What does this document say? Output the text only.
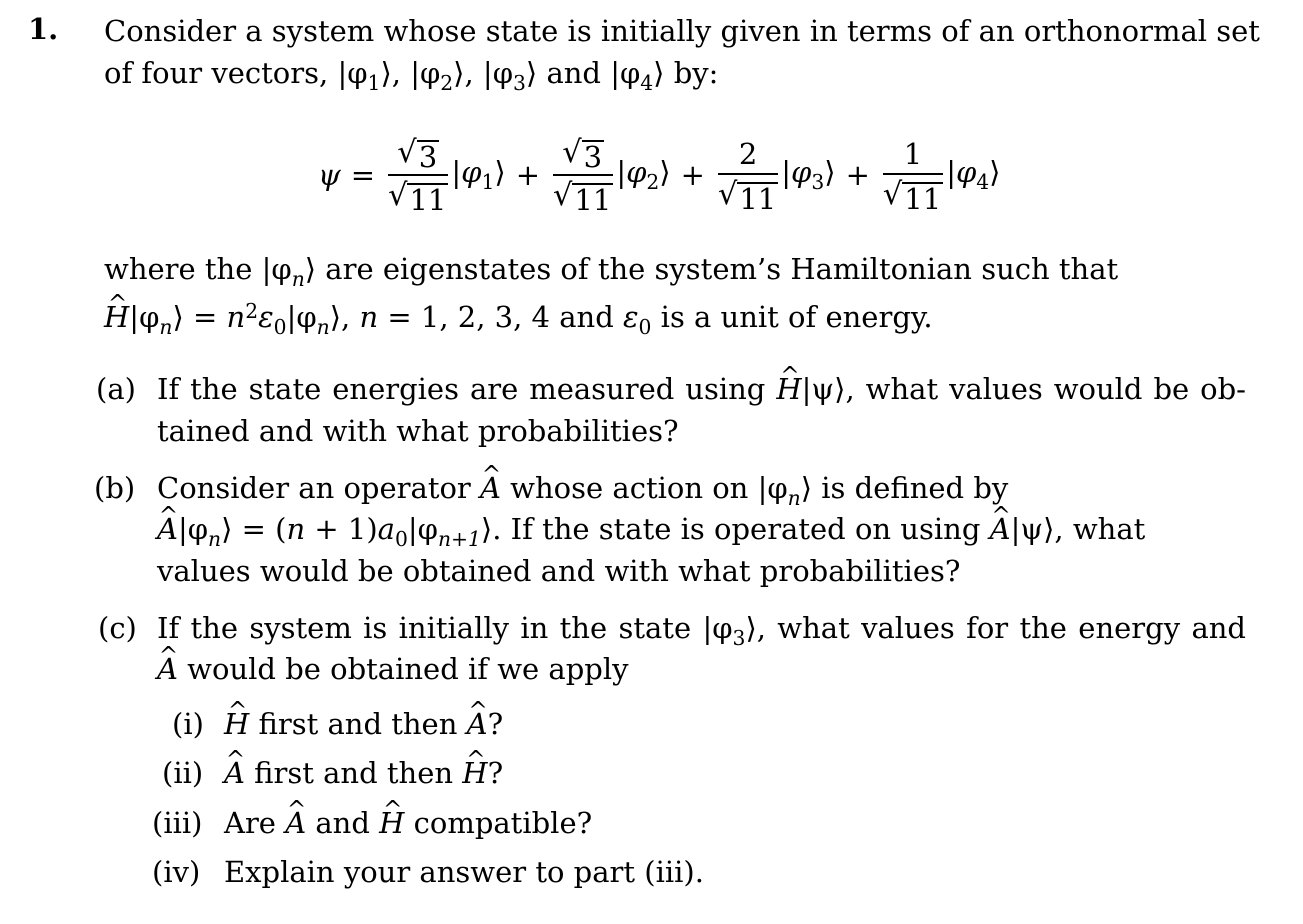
1. Consider a system whose state is initially given in terms of an orthonormal set
of four vectors, $|\varphi_1⟩$, $|\varphi_2⟩$, $|\varphi_3⟩$ and $|\varphi_4⟩$ by:
$\psi = \frac{√ 3}{√ 11}$ $|\varphi_1⟩ + \frac{√ 3}{√ 11}$ $|\varphi_2⟩ + \frac{2}{√ 11}$ $|\varphi_3⟩ + \frac{1}{√ 11}$ $|\varphi_4⟩$
where the $|\varphi_n⟩$ are eigenstates of the system’s Hamiltonian such that
H $\^{}|\varphi_n⟩$ = $n^2\varepsilon_0|\varphi_n⟩$, n = 1, 2, 3, 4 and $\varepsilon_0$ is a unit of energy.
(a) If the state energies are measured using H ^|ψ⟩, what values would be ob-
tained and with what probabilities?
(b) Consider an operator A ^ whose action on $|\varphi_n⟩$ is defined by
A $\^{}|\varphi_n⟩ = (n$ + $1)a_0|\varphi_{n+1}⟩$. If the state is operated on using A ^|ψ⟩, what
values would be obtained and with what probabilities?
(c) If the system is initially in the state $|\varphi_3⟩$, what values for the energy and
A ^ would be obtained if we apply
(i) H ^ first and then A ^?
(ii) A ^ first and then H ^?
(iii) Are A ^ and H ^ compatible?
(iv) Explain your answer to part (iii).
